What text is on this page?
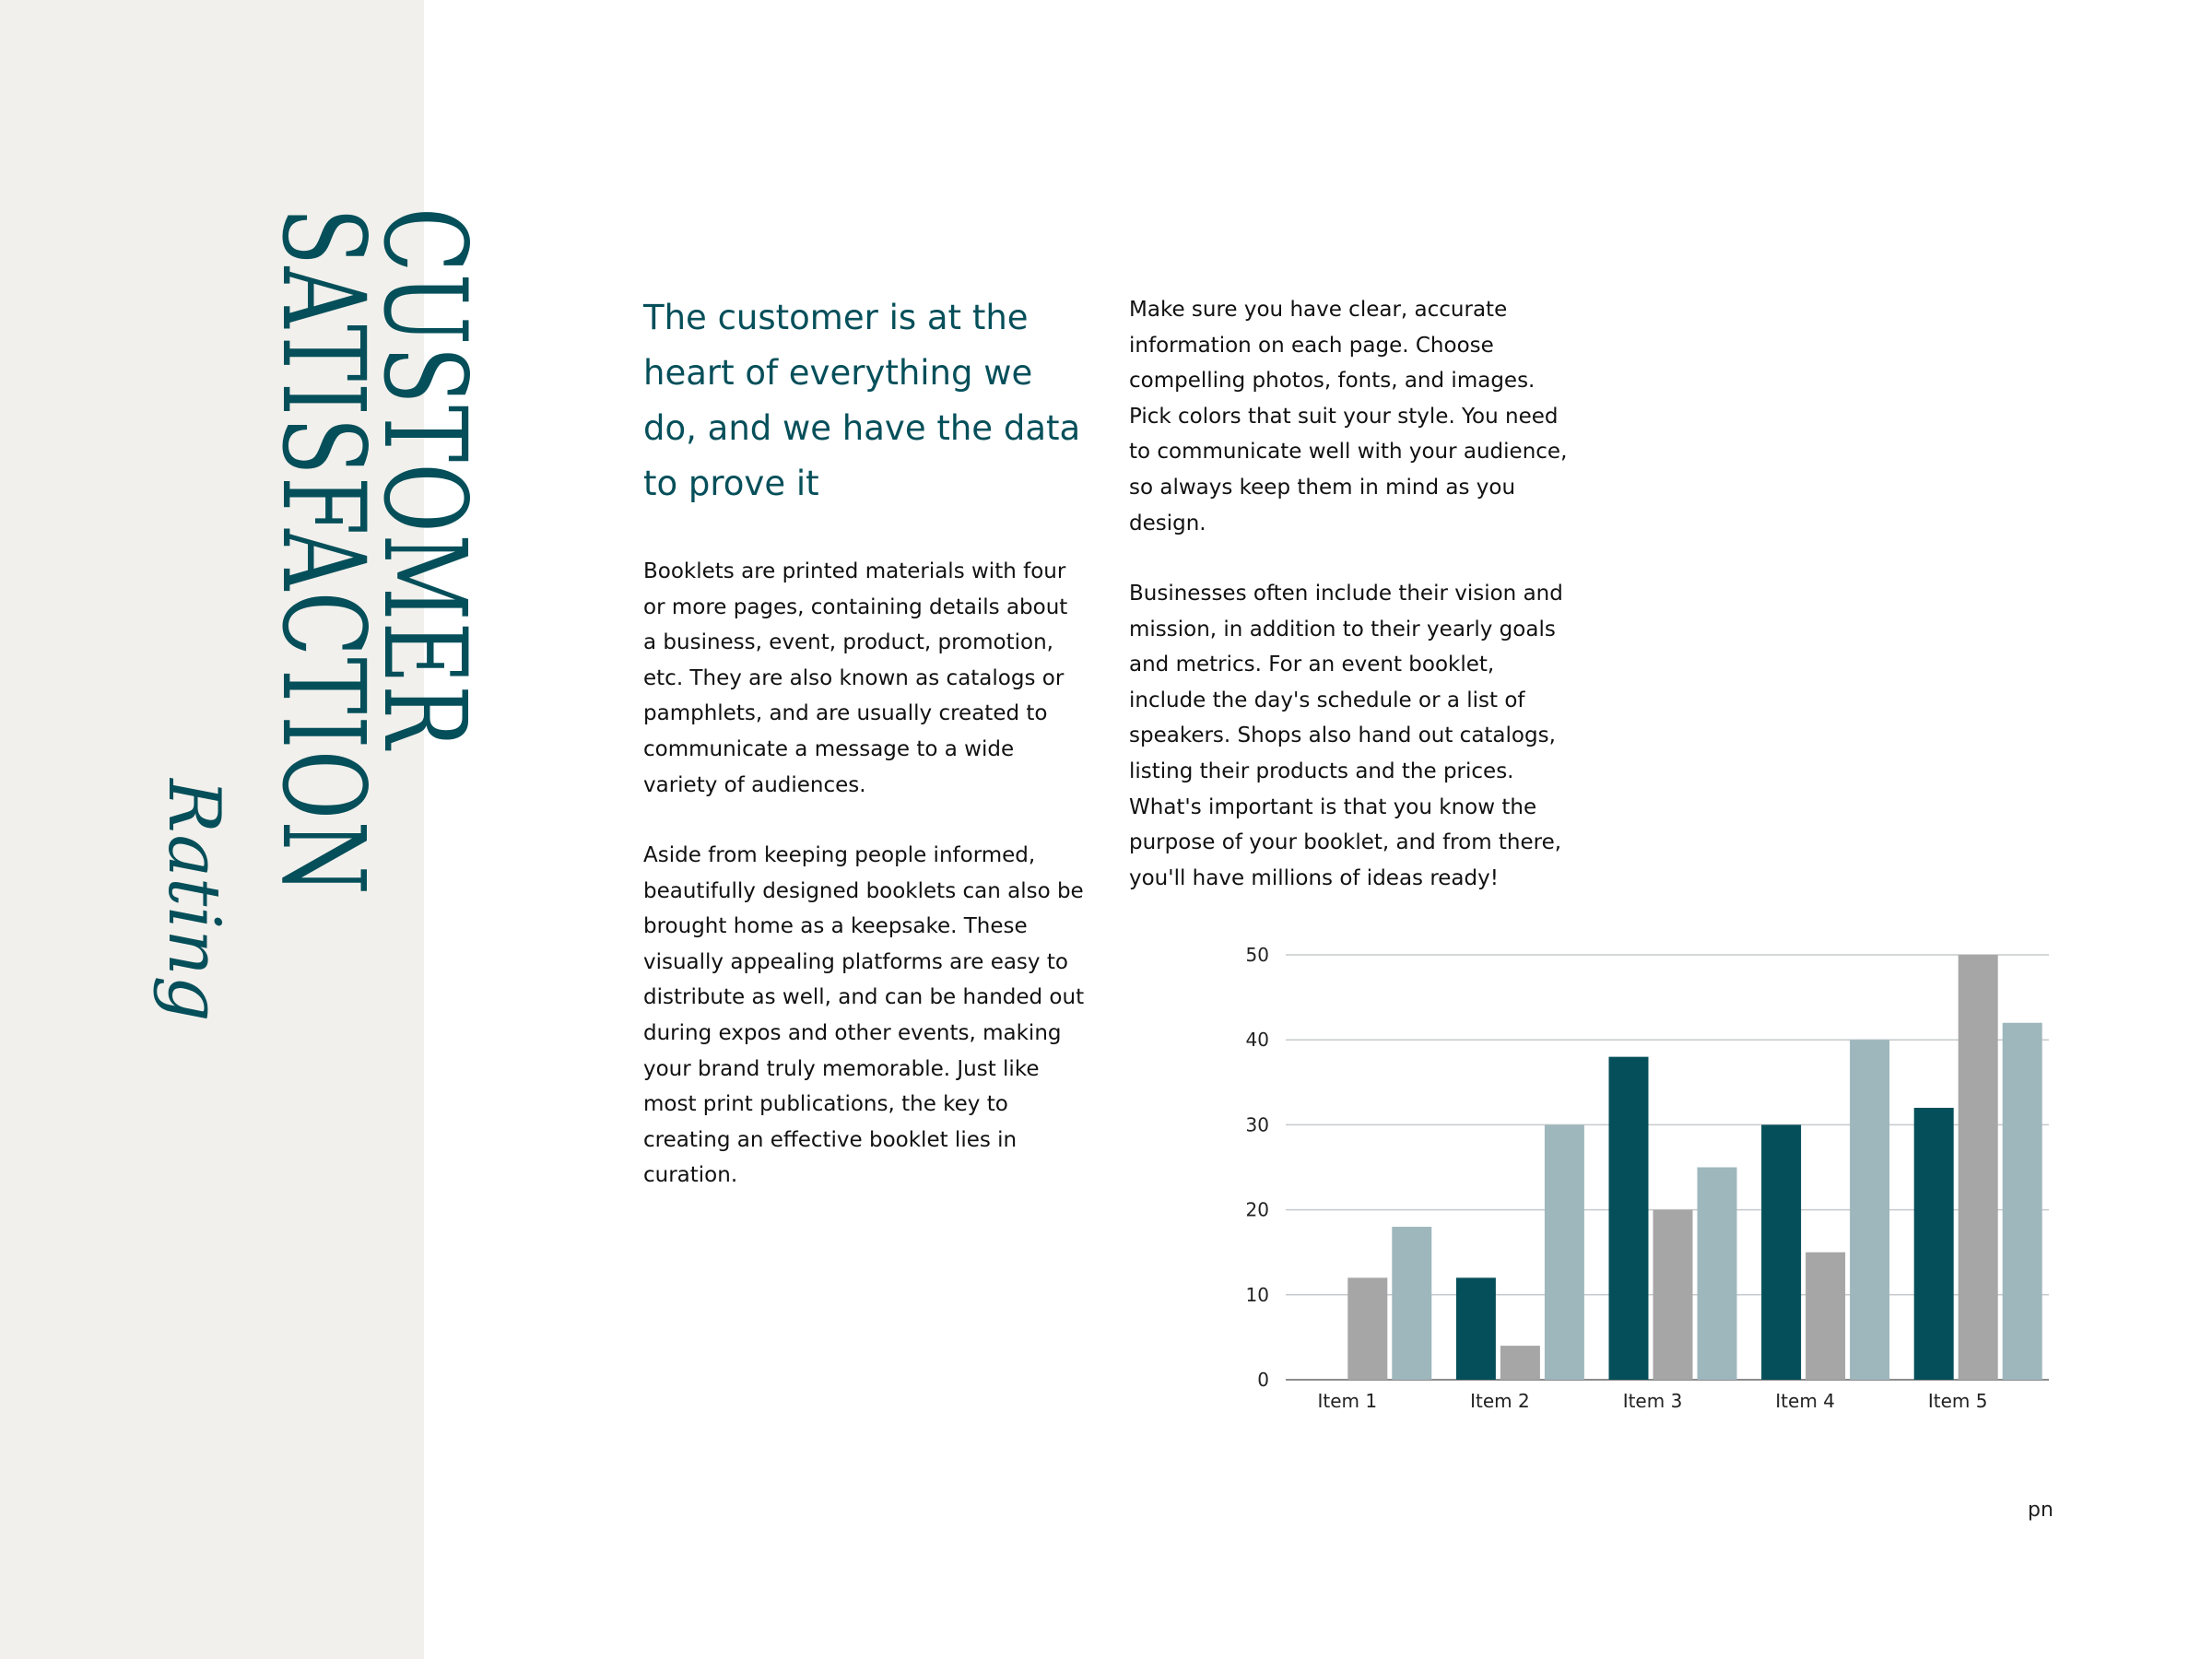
CUSTOMER
SATISFACTION
Rating
The customer is at the heart of everything we do, and we have the data to prove it

Booklets are printed materials with four or more pages, containing details about a business, event, product, promotion, etc. They are also known as catalogs or pamphlets, and are usually created to communicate a message to a wide variety of audiences.

Aside from keeping people informed, beautifully designed booklets can also be brought home as a keepsake. These visually appealing platforms are easy to distribute as well, and can be handed out during expos and other events, making your brand truly memorable. Just like most print publications, the key to creating an effective booklet lies in curation.

Make sure you have clear, accurate information on each page. Choose compelling photos, fonts, and images. Pick colors that suit your style. You need to communicate well with your audience, so always keep them in mind as you design.

Businesses often include their vision and mission, in addition to their yearly goals and metrics. For an event booklet, include the day's schedule or a list of speakers. Shops also hand out catalogs, listing their products and the prices. What's important is that you know the purpose of your booklet, and from there, you'll have millions of ideas ready!

0
10
20
30
40
50
Item 1	Item 2	Item 3	Item 4	Item 5
pn
